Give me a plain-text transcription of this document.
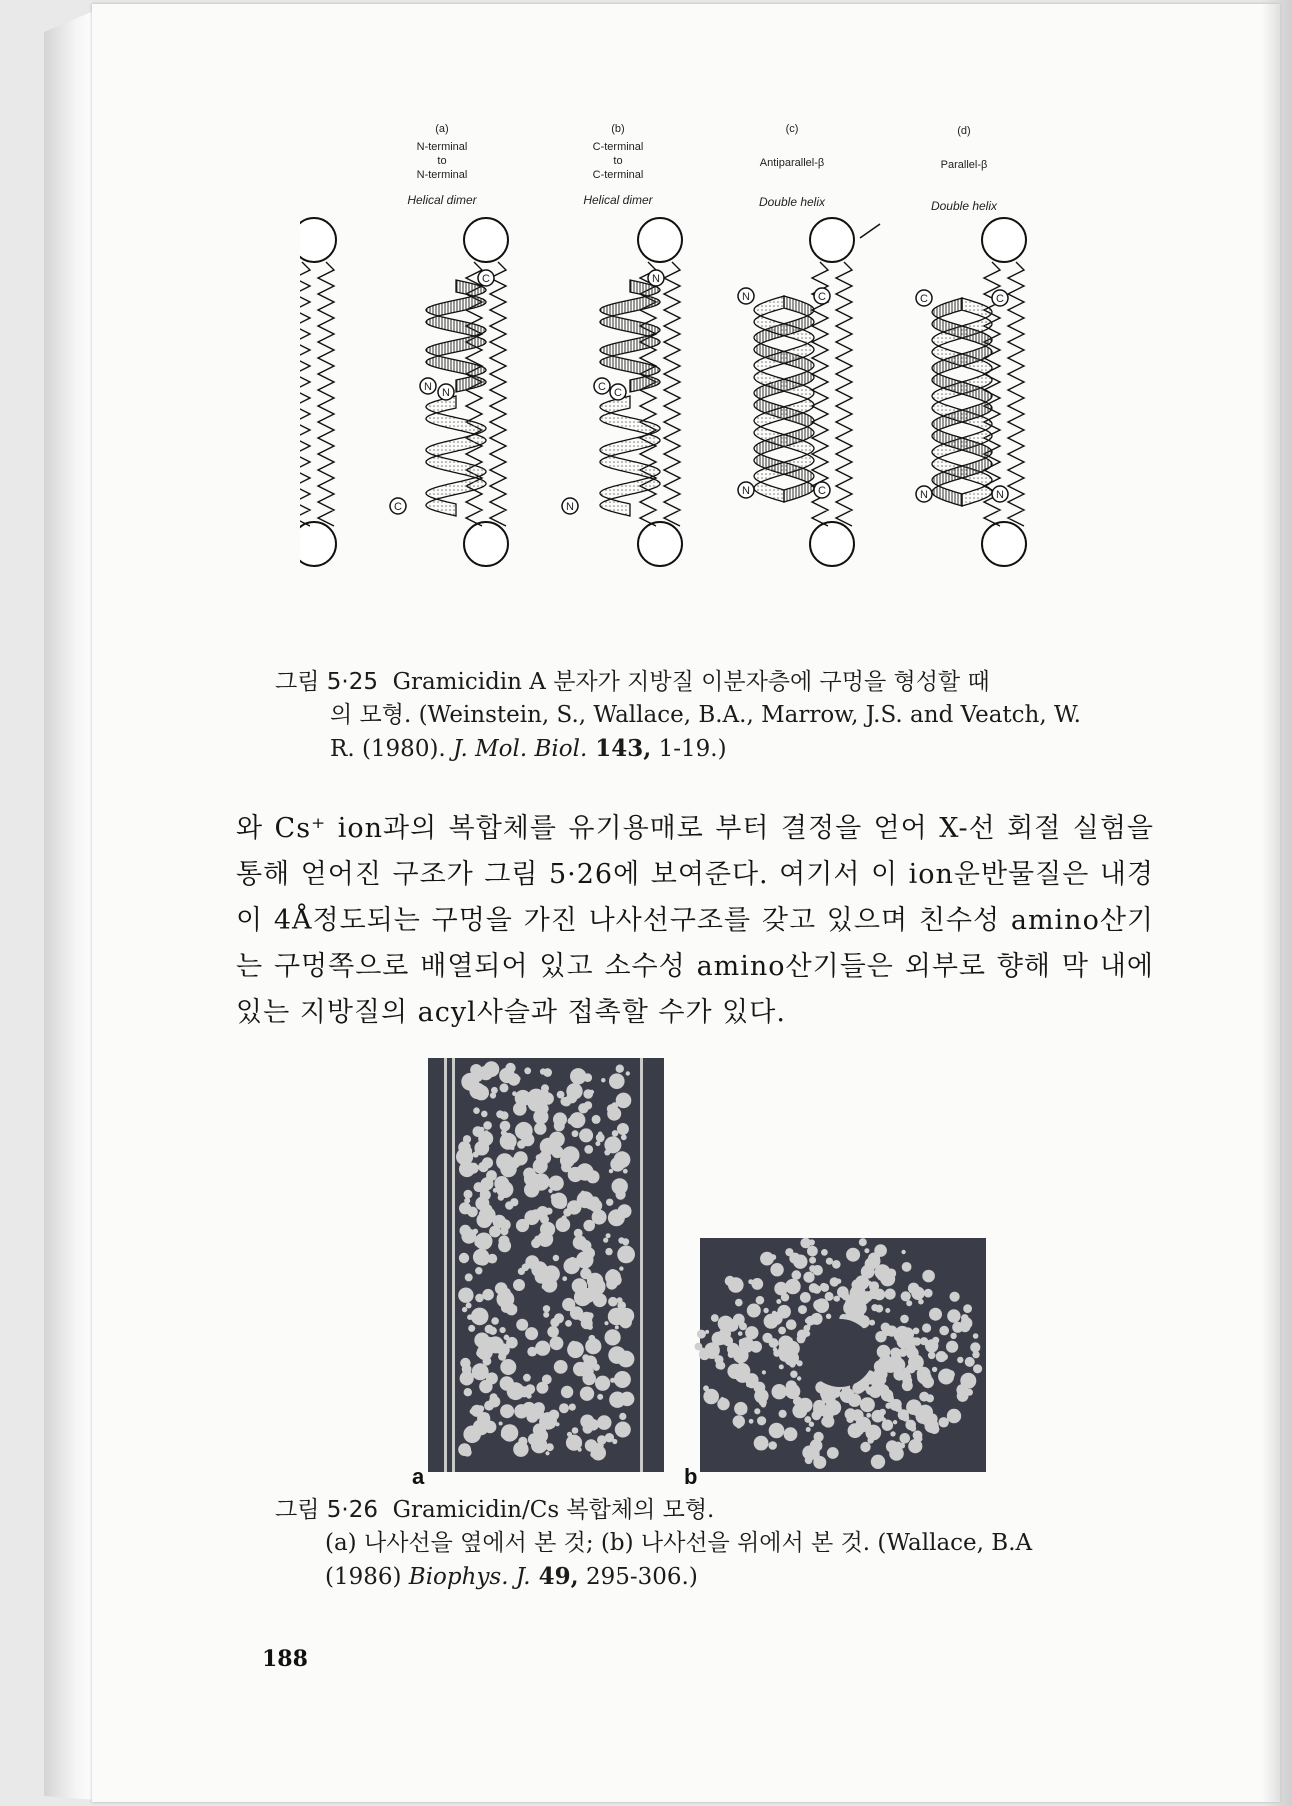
(a)
N-terminal
to
N-terminal
Helical dimer
(b)
C-terminal
to
C-terminal
Helical dimer
(c)
Antiparallel-β
Double helix
(d)
Parallel-β
Double helix
C
N N
C
N
C C
N
N	C
N	C
C	C
N	N
그림 5·25 Gramicidin A 분자가 지방질 이분자층에 구멍을 형성할 때
의 모형. (Weinstein, S., Wallace, B.A., Marrow, J.S. and Veatch, W.
R. (1980). J. Mol. Biol. 143, 1-19.)

와 Cs⁺ ion과의 복합체를 유기용매로 부터 결정을 얻어 X-선 회절 실험을 통해 얻어진 구조가 그림 5·26에 보여준다. 여기서 이 ion운반물질은 내경이 4Å정도되는 구멍을 가진 나사선구조를 갖고 있으며 친수성 amino산기는 구멍쪽으로 배열되어 있고 소수성 amino산기들은 외부로 향해 막 내에 있는 지방질의 acyl사슬과 접촉할 수가 있다.

a	b
그림 5·26 Gramicidin/Cs 복합체의 모형.
(a) 나사선을 옆에서 본 것; (b) 나사선을 위에서 본 것. (Wallace, B.A
(1986) Biophys. J. 49, 295-306.)
188
